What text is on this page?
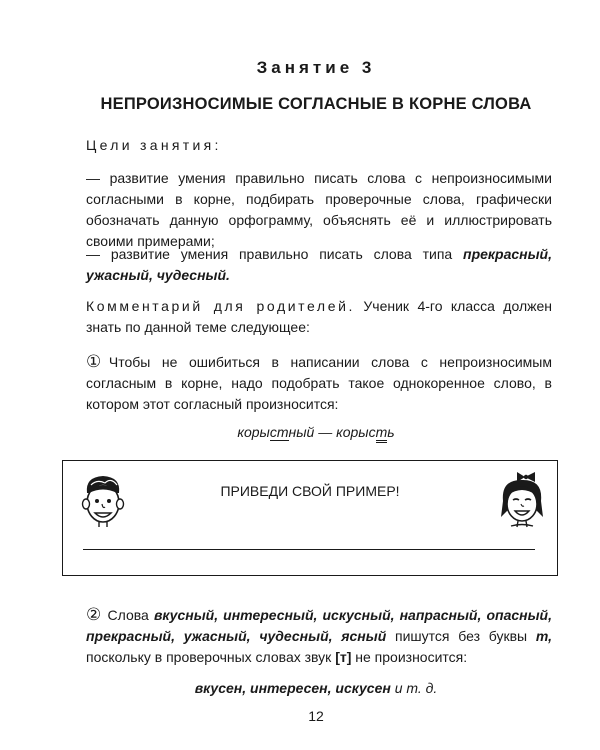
Занятие 3
НЕПРОИЗНОСИМЫЕ СОГЛАСНЫЕ В КОРНЕ СЛОВА
Цели занятия:
— развитие умения правильно писать слова с непроизносимыми согласными в корне, подбирать проверочные слова, графически обозначать данную орфограмму, объяснять её и иллюстрировать своими примерами;
— развитие умения правильно писать слова типа прекрасный, ужасный, чудесный.
Комментарий для родителей. Ученик 4-го класса должен знать по данной теме следующее:
①Чтобы не ошибиться в написании слова с непроизносимым согласным в корне, надо подобрать такое однокоренное слово, в котором этот согласный произносится:
корыстный — корысть
ПРИВЕДИ СВОЙ ПРИМЕР!
② Слова вкусный, интересный, искусный, напрасный, опасный, прекрасный, ужасный, чудесный, ясный пишутся без буквы т, поскольку в проверочных словах звук [т] не произносится:
вкусен, интересен, искусен и т. д.
12
